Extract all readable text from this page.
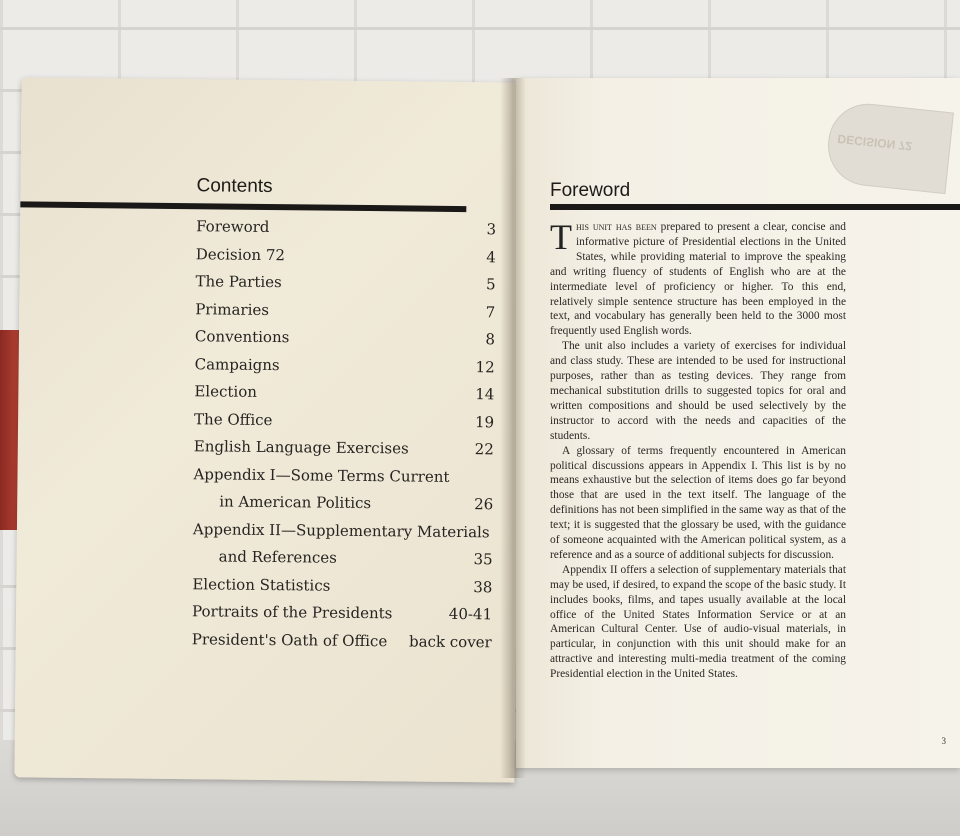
Contents
Foreword	3
Decision 72	4
The Parties	5
Primaries	7
Conventions	8
Campaigns	12
Election	14
The Office	19
English Language Exercises	22
Appendix I—Some Terms Current
in American Politics	26
Appendix II—Supplementary Materials
and References	35
Election Statistics	38
Portraits of the Presidents	40-41
President's Oath of Office back cover
DECISION 72
Foreword

This unit has been prepared to present a clear, concise and informative picture of Presidential elections in the United States, while providing material to improve the speaking and writing fluency of students of English who are at the intermediate level of proficiency or higher. To this end, relatively simple sentence structure has been employed in the text, and vocabulary has generally been held to the 3000 most frequently used English words.

The unit also includes a variety of exercises for individual and class study. These are intended to be used for instructional purposes, rather than as testing devices. They range from mechanical substitution drills to suggested topics for oral and written compositions and should be used selectively by the instructor to accord with the needs and capacities of the students.

A glossary of terms frequently encountered in American political discussions appears in Appendix I. This list is by no means exhaustive but the selection of items does go far beyond those that are used in the text itself. The language of the definitions has not been simplified in the same way as that of the text; it is suggested that the glossary be used, with the guidance of someone acquainted with the American political system, as a reference and as a source of additional subjects for discussion.

Appendix II offers a selection of supplementary materials that may be used, if desired, to expand the scope of the basic study. It includes books, films, and tapes usually available at the local office of the United States Information Service or at an American Cultural Center. Use of audio-visual materials, in particular, in conjunction with this unit should make for an attractive and interesting multi-media treatment of the coming Presidential election in the United States.

3
